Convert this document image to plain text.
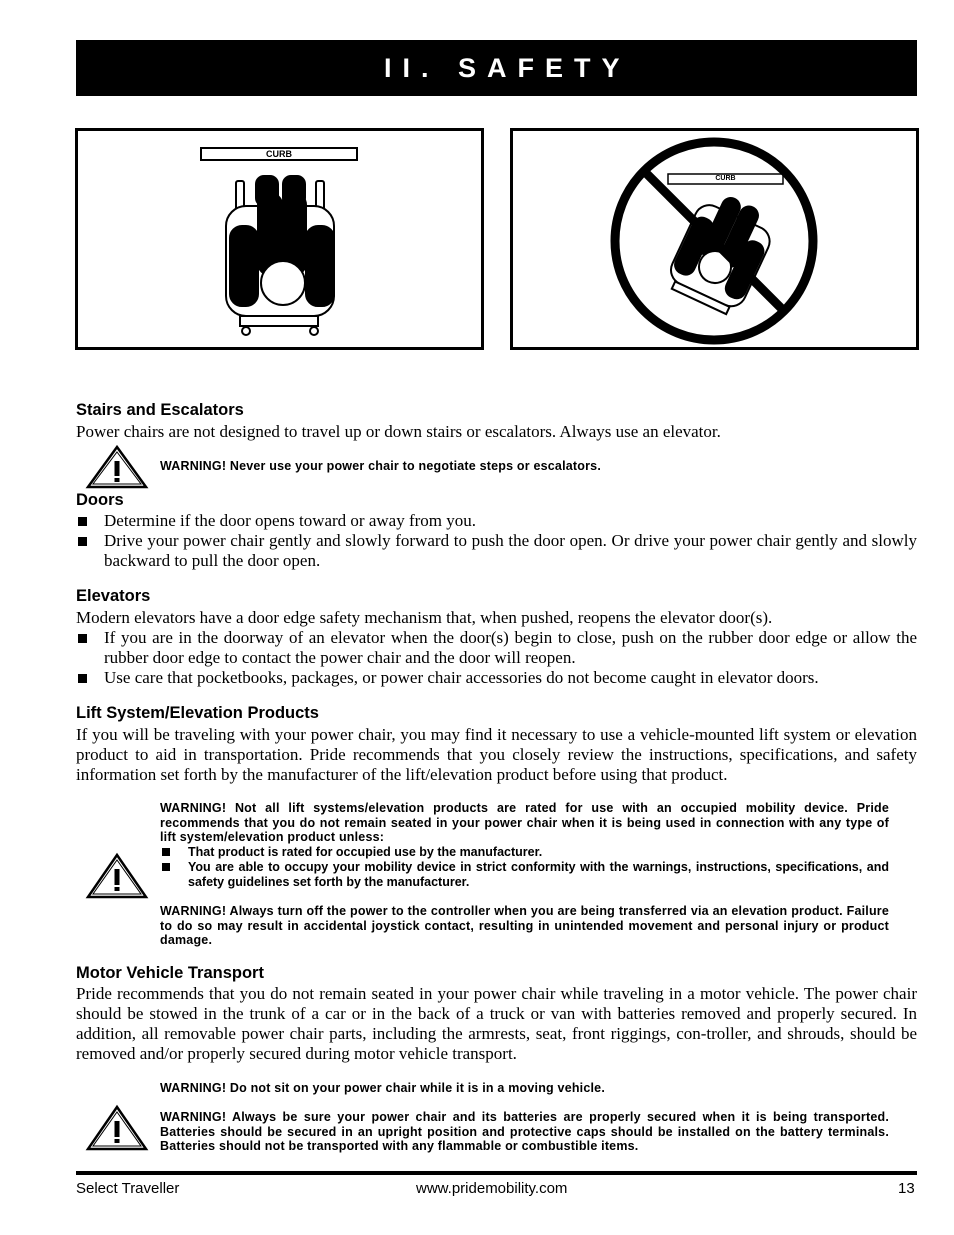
II. SAFETY
CURB
CURB
Stairs and Escalators
Power chairs are not designed to travel up or down stairs or escalators. Always use an elevator.
WARNING! Never use your power chair to negotiate steps or escalators.
Doors
Determine if the door opens toward or away from you.
Drive your power chair gently and slowly forward to push the door open. Or drive your power chair gently and slowly backward to pull the door open.
Elevators
Modern elevators have a door edge safety mechanism that, when pushed, reopens the elevator door(s).
If you are in the doorway of an elevator when the door(s) begin to close, push on the rubber door edge or allow the rubber door edge to contact the power chair and the door will reopen.
Use care that pocketbooks, packages, or power chair accessories do not become caught in elevator doors.
Lift System/Elevation Products
If you will be traveling with your power chair, you may find it necessary to use a vehicle-mounted lift system or elevation product to aid in transportation. Pride recommends that you closely review the instructions, specifications, and safety information set forth by the manufacturer of the lift/elevation product before using that product.
WARNING! Not all lift systems/elevation products are rated for use with an occupied mobility device. Pride recommends that you do not remain seated in your power chair when it is being used in connection with any type of lift system/elevation product unless:
That product is rated for occupied use by the manufacturer.
You are able to occupy your mobility device in strict conformity with the warnings, instructions, specifications, and safety guidelines set forth by the manufacturer.
WARNING! Always turn off the power to the controller when you are being transferred via an elevation product. Failure to do so may result in accidental joystick contact, resulting in unintended movement and personal injury or product damage.
Motor Vehicle Transport
Pride recommends that you do not remain seated in your power chair while traveling in a motor vehicle. The power chair should be stowed in the trunk of a car or in the back of a truck or van with batteries removed and properly secured. In addition, all removable power chair parts, including the armrests, seat, front riggings, con-troller, and shrouds, should be removed and/or properly secured during motor vehicle transport.
WARNING! Do not sit on your power chair while it is in a moving vehicle.
WARNING! Always be sure your power chair and its batteries are properly secured when it is being transported. Batteries should be secured in an upright position and protective caps should be installed on the battery terminals. Batteries should not be transported with any flammable or combustible items.
Select Traveller	www.pridemobility.com	13
